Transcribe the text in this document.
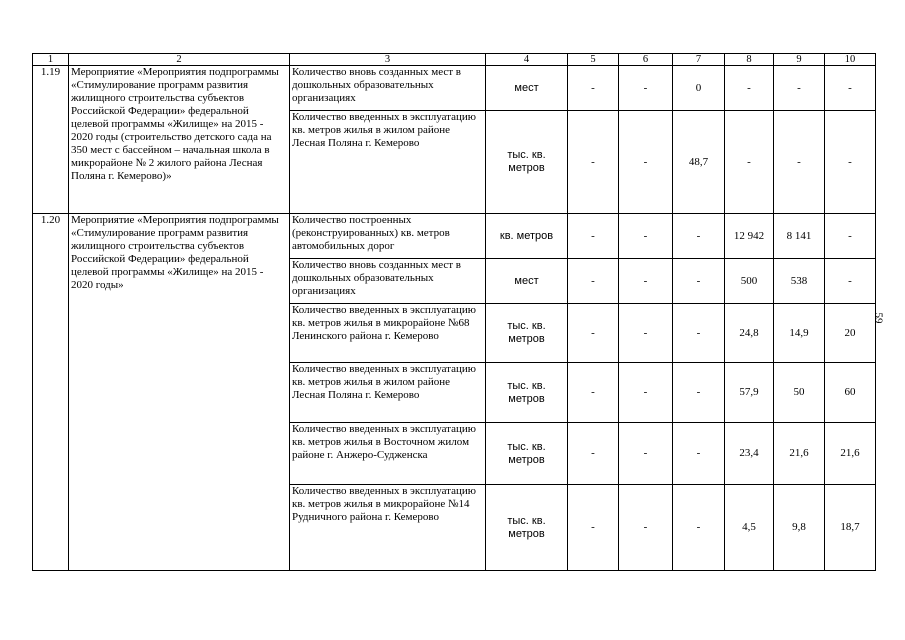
1	2	3	4	5	6	7	8	9	10
1.19	Мероприятие «Мероприятия подпрограммы «Стимулирование программ развития жилищного строительства субъектов Российской Федерации» федеральной целевой программы «Жилище» на 2015 - 2020 годы (строительство детского сада на 350 мест с бассейном – начальная школа в микрорайоне № 2 жилого района Лесная Поляна г. Кемерово)»	Количество вновь созданных мест в дошкольных образовательных организациях	мест	-	-	0	-	-	-
		Количество введенных в эксплуатацию кв. метров жилья в жилом районе Лесная Поляна г. Кемерово	тыс. кв. метров	-	-	48,7	-	-	-
1.20	Мероприятие «Мероприятия подпрограммы «Стимулирование программ развития жилищного строительства субъектов Российской Федерации» федеральной целевой программы «Жилище» на 2015 - 2020 годы»	Количество построенных (реконструированных) кв. метров автомобильных дорог	кв. метров	-	-	-	12 942	8 141	-
		Количество вновь созданных мест в дошкольных образовательных организациях	мест	-	-	-	500	538	-
		Количество введенных в эксплуатацию кв. метров жилья в микрорайоне №68 Ленинского района г. Кемерово	тыс. кв. метров	-	-	-	24,8	14,9	20
		Количество введенных в эксплуатацию кв. метров жилья в жилом районе Лесная Поляна г. Кемерово	тыс. кв. метров	-	-	-	57,9	50	60
		Количество введенных в эксплуатацию кв. метров жилья в Восточном жилом районе г. Анжеро-Судженска	тыс. кв. метров	-	-	-	23,4	21,6	21,6
		Количество введенных в эксплуатацию кв. метров жилья в микрорайоне №14 Рудничного района г. Кемерово	тыс. кв. метров	-	-	-	4,5	9,8	18,7
59
